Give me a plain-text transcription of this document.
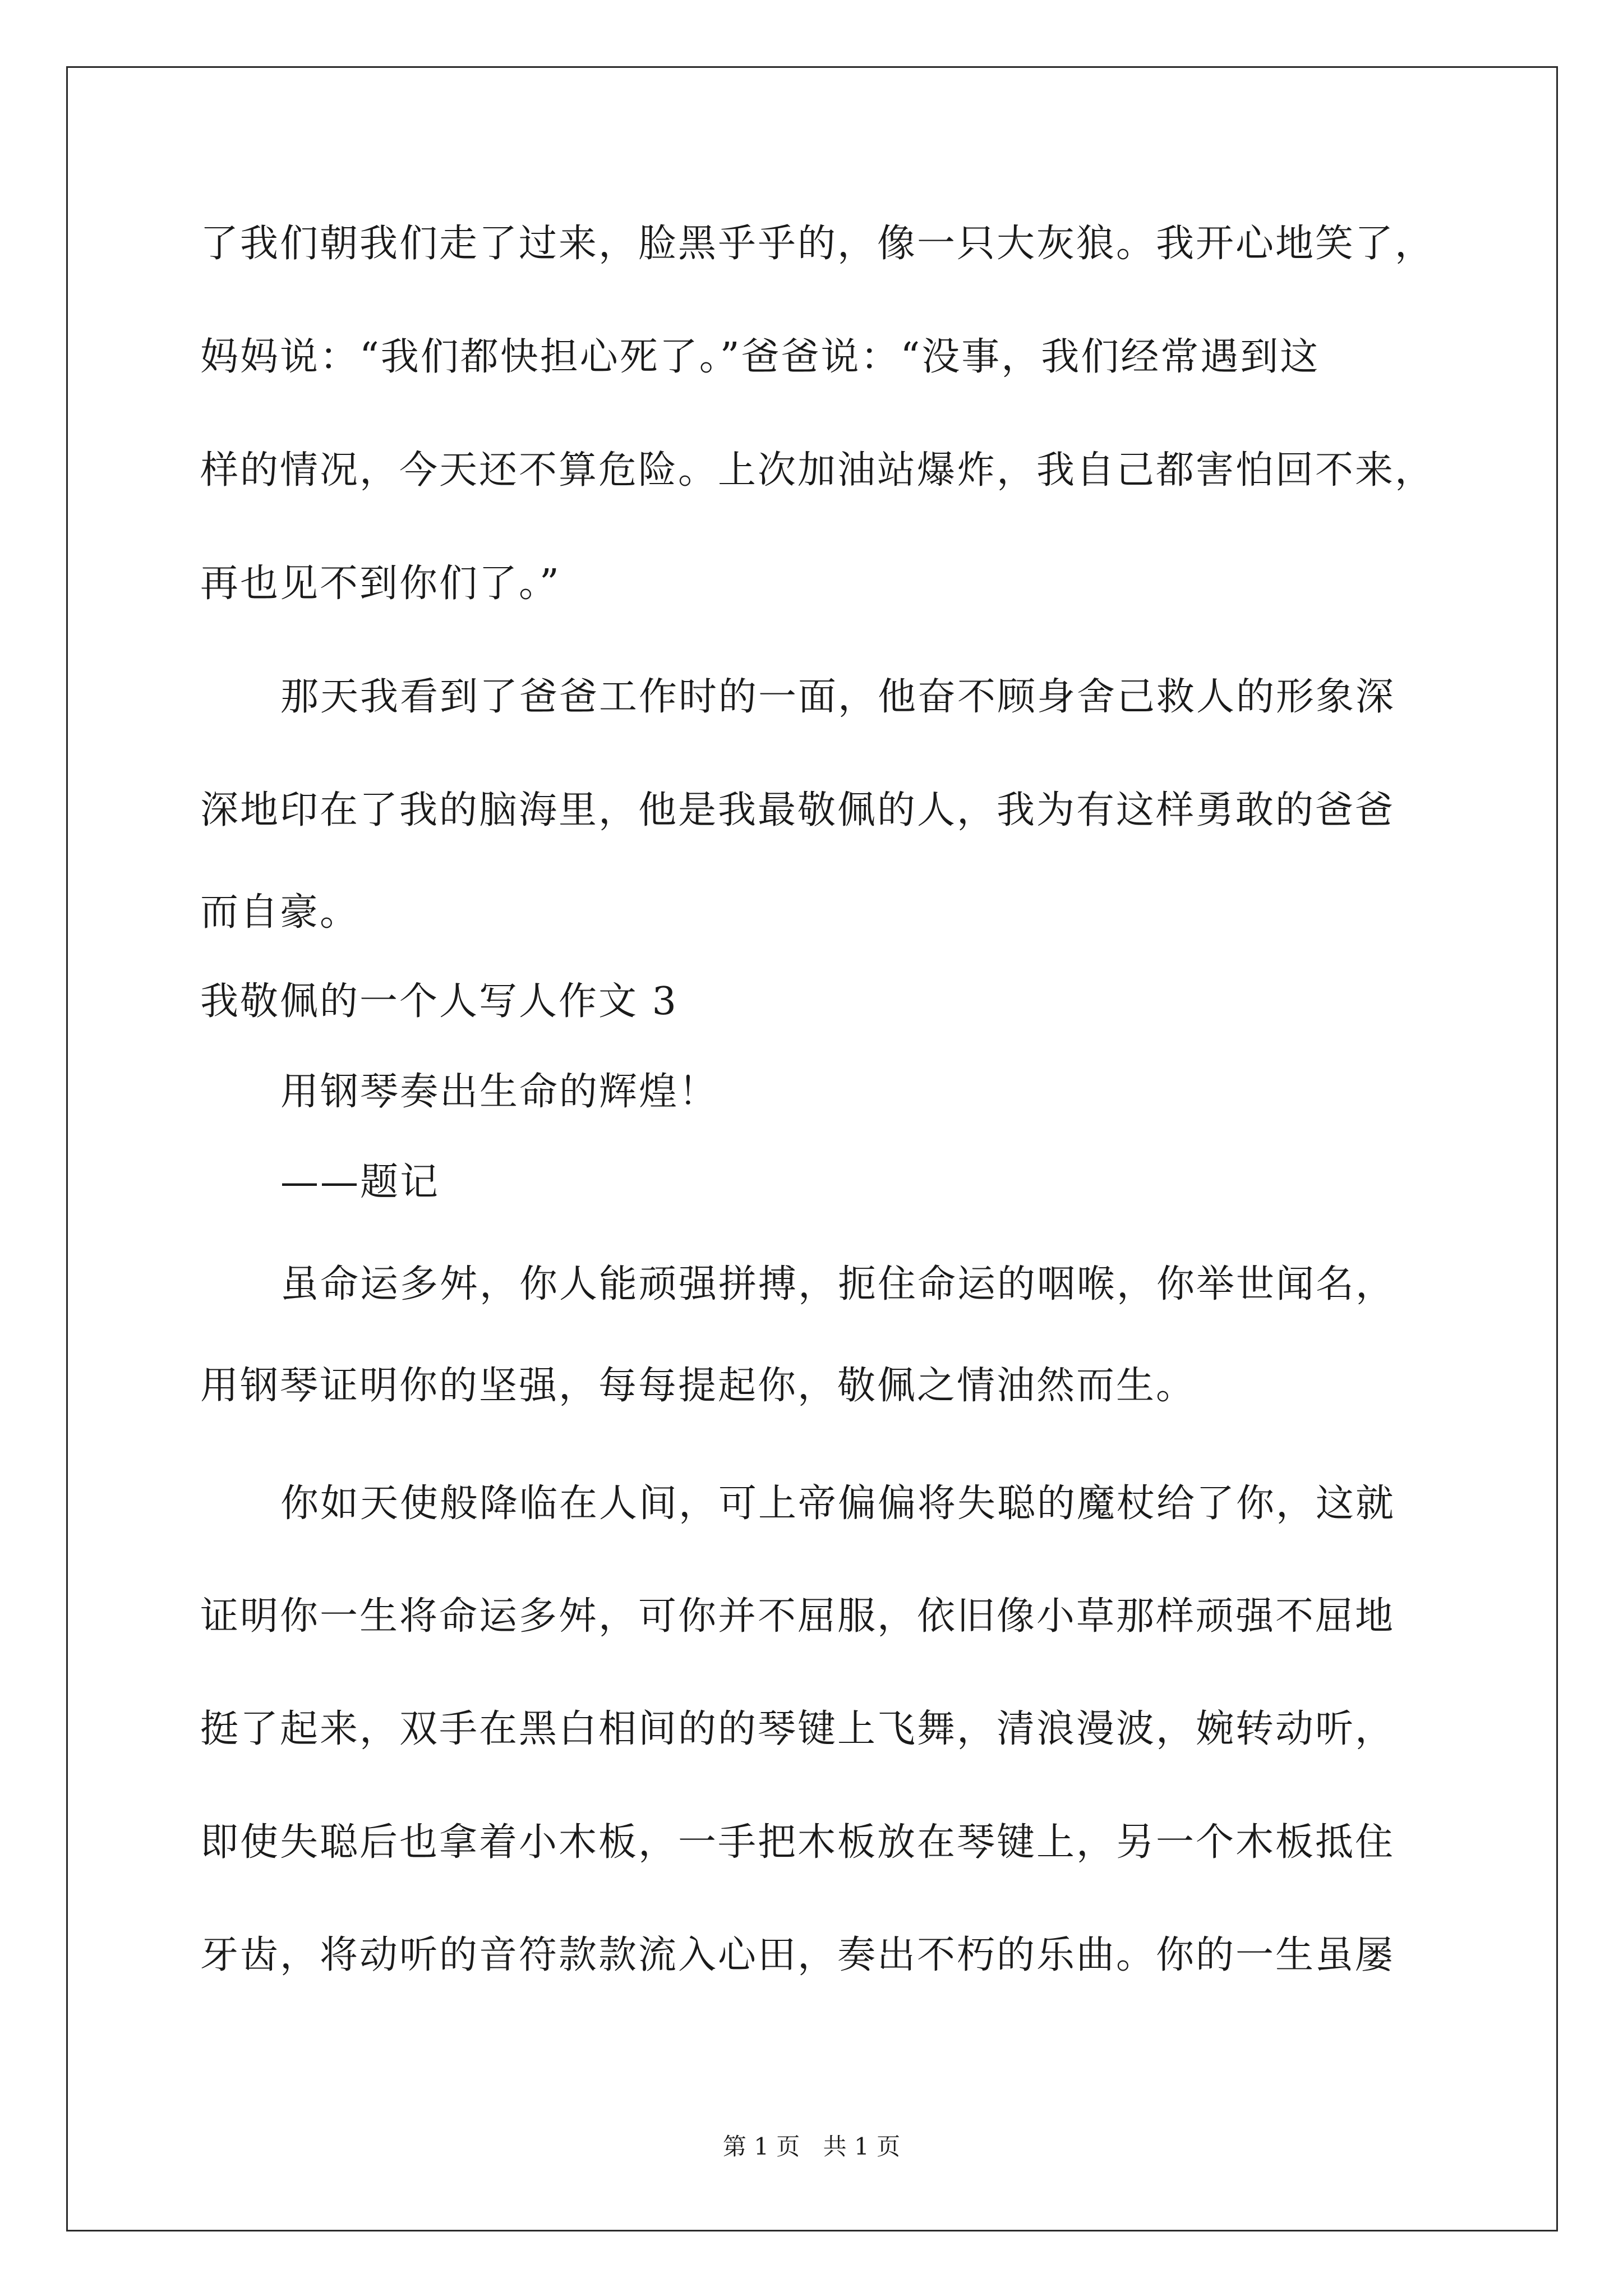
了我们朝我们走了过来，脸黑乎乎的，像一只大灰狼。我开心地笑了，
妈妈说：“我们都快担心死了。”爸爸说：“没事，我们经常遇到这
样的情况，今天还不算危险。上次加油站爆炸，我自己都害怕回不来，
再也见不到你们了。”
那天我看到了爸爸工作时的一面，他奋不顾身舍己救人的形象深
深地印在了我的脑海里，他是我最敬佩的人，我为有这样勇敢的爸爸
而自豪。
我敬佩的一个人写人作文 3
用钢琴奏出生命的辉煌！
——题记
虽命运多舛，你人能顽强拼搏，扼住命运的咽喉，你举世闻名，
用钢琴证明你的坚强，每每提起你，敬佩之情油然而生。
你如天使般降临在人间，可上帝偏偏将失聪的魔杖给了你，这就
证明你一生将命运多舛，可你并不屈服，依旧像小草那样顽强不屈地
挺了起来，双手在黑白相间的的琴键上飞舞，清浪漫波，婉转动听，
即使失聪后也拿着小木板，一手把木板放在琴键上，另一个木板抵住
牙齿，将动听的音符款款流入心田，奏出不朽的乐曲。你的一生虽屡
第 1 页 共 1 页
